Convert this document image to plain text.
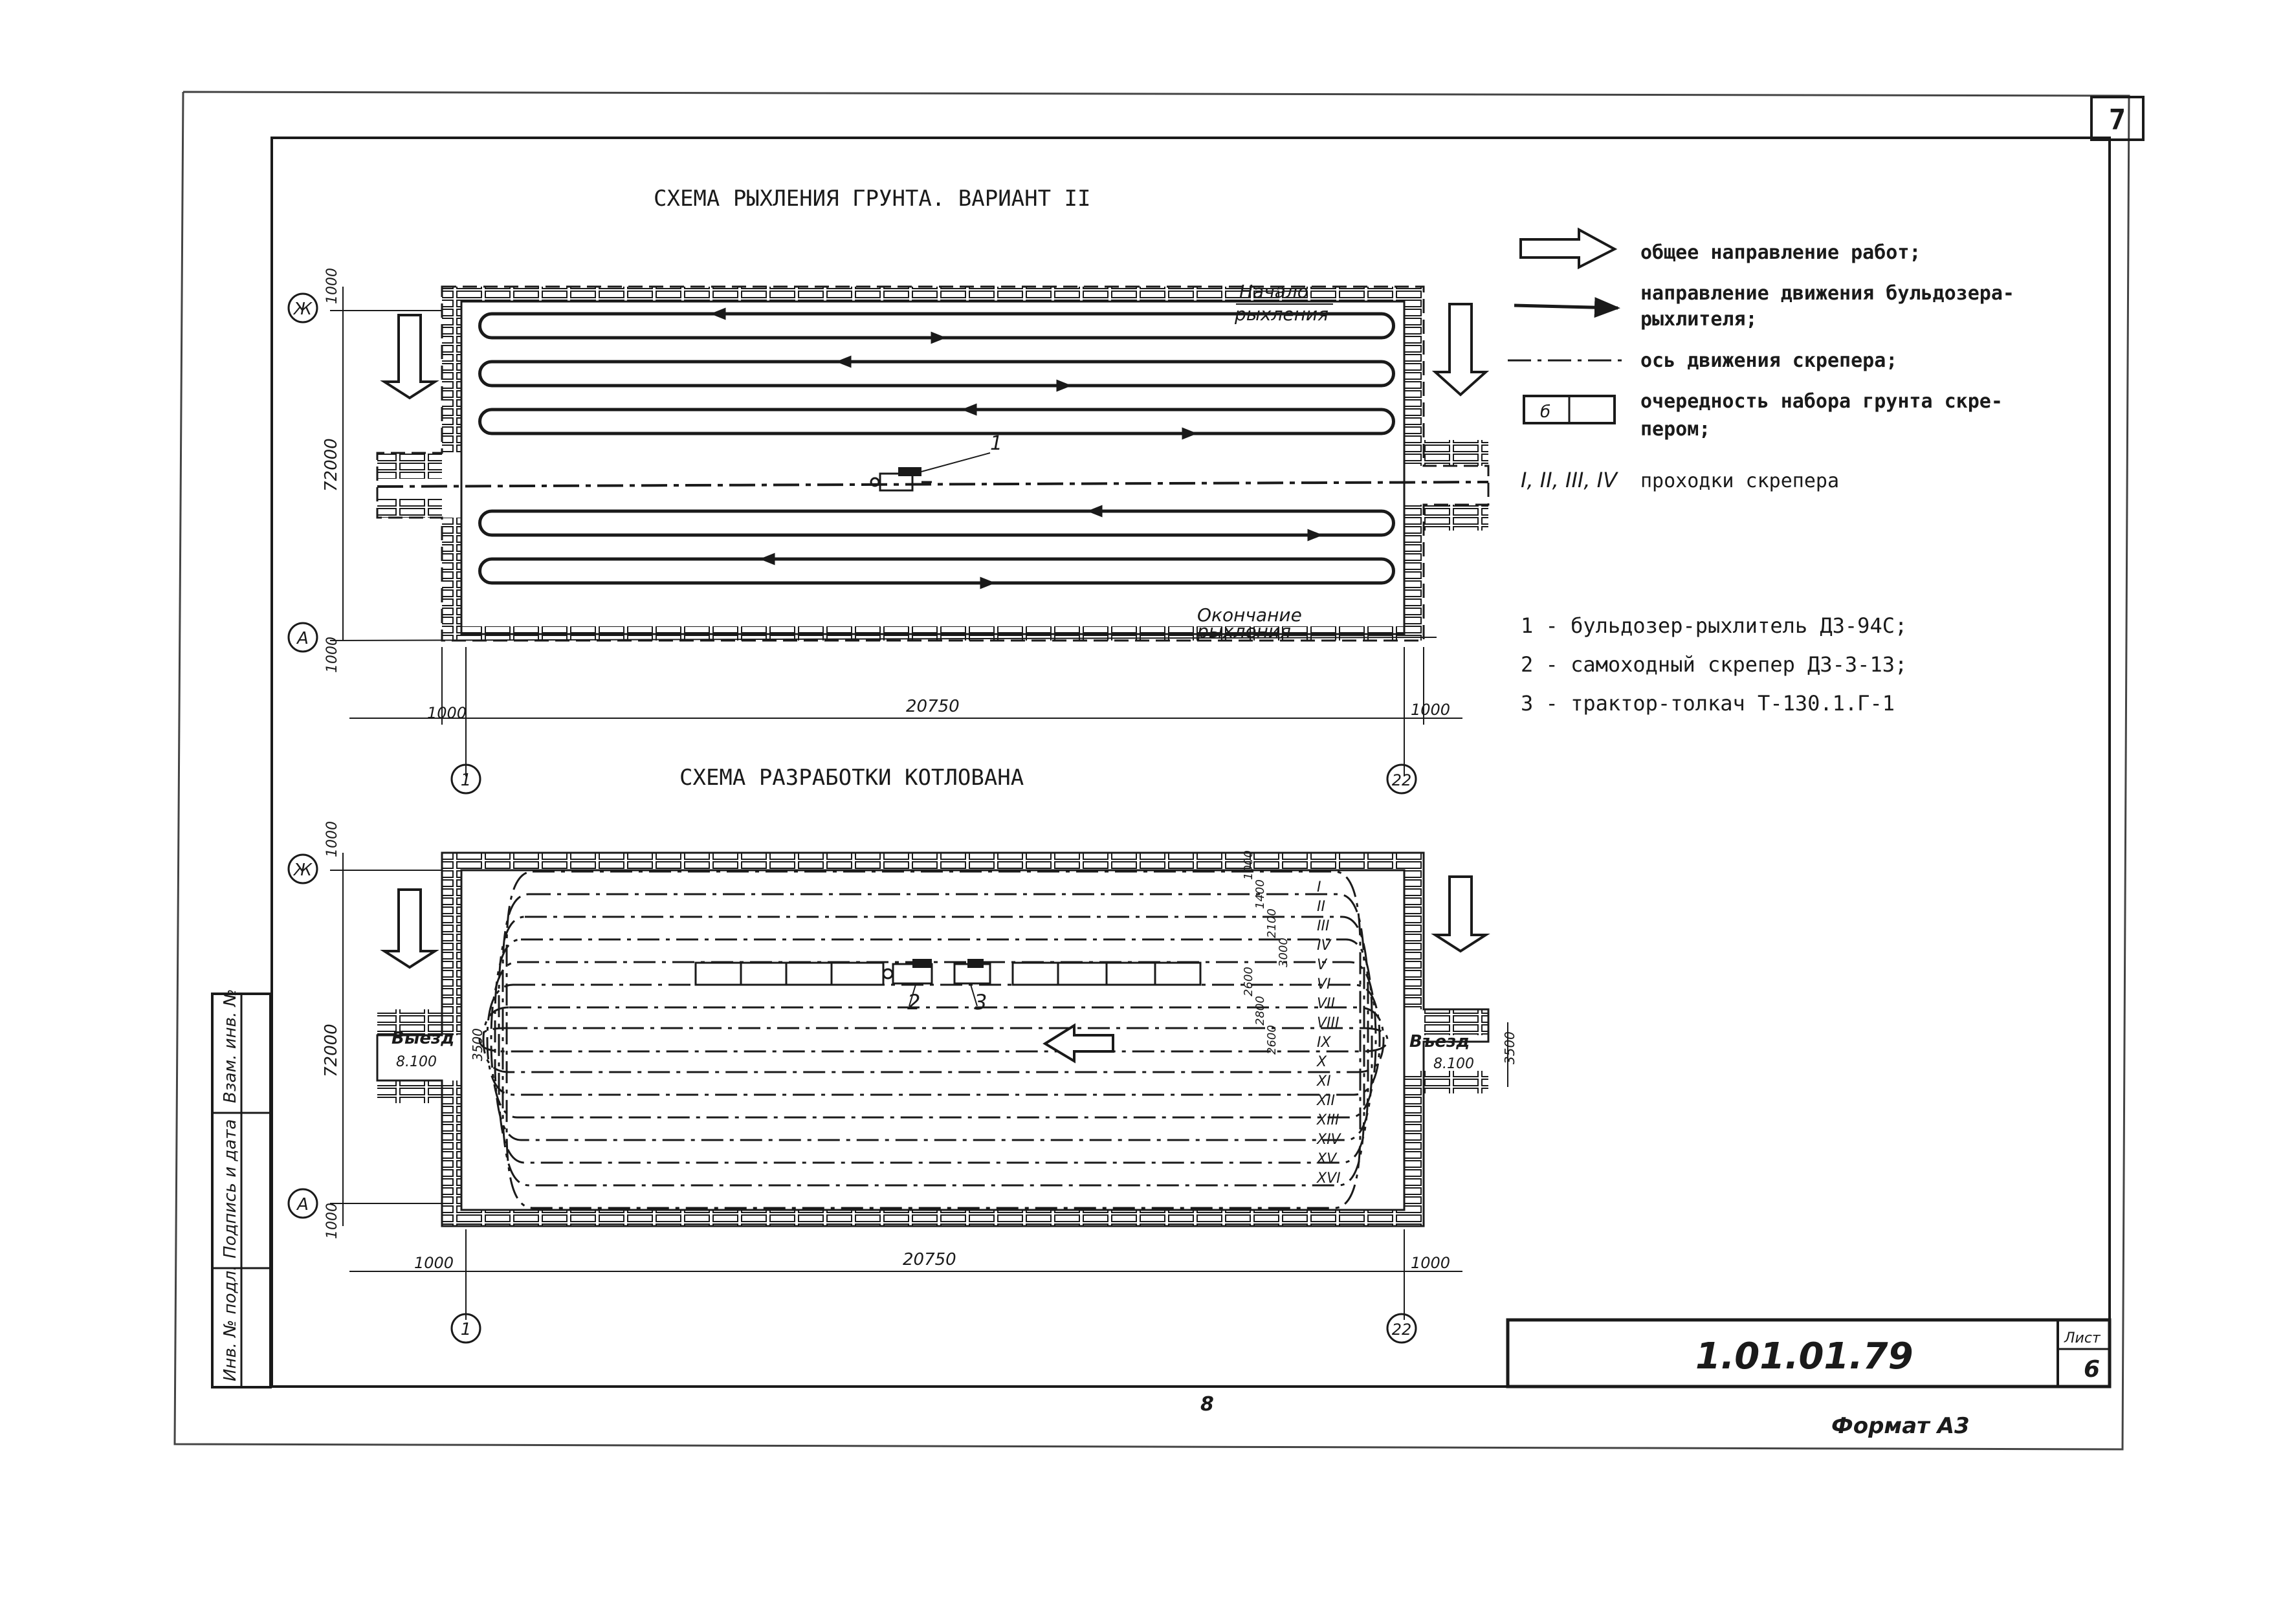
7
Взам. инв. №
Подпись и дата
Инв. № подл.	1.01.01.79	Лист
6
8
Формат А3
СХЕМА РЫХЛЕНИЯ ГРУНТА. ВАРИАНТ II
1
Начало
рыхления
Окончание
рыхления
72000
1000
1000
20750
1000	1000
Ж
А
1	22
общее направление работ;
направление движения бульдозера-
рыхлителя;
ось движения скрепера;
б	очередность набора грунта скре-
пером;
I, II, III, IV проходки скрепера
1 - бульдозер-рыхлитель ДЗ-94С;
2 - самоходный скрепер ДЗ-3-13;
3 - трактор-толкач Т-130.1.Г-1
СХЕМА РАЗРАБОТКИ КОТЛОВАНА
2	3
Выезд
8.100
Въезд
8.100
3500	3500
I
II
III
IV
V
VI
VII
VIII
IX
X
XI
XII
XIII
XIV
XV
XVI
1000
1400
2100
3000
2600
2800
2600
72000
1000
1000
20750
1000	1000
Ж
А
1	22
